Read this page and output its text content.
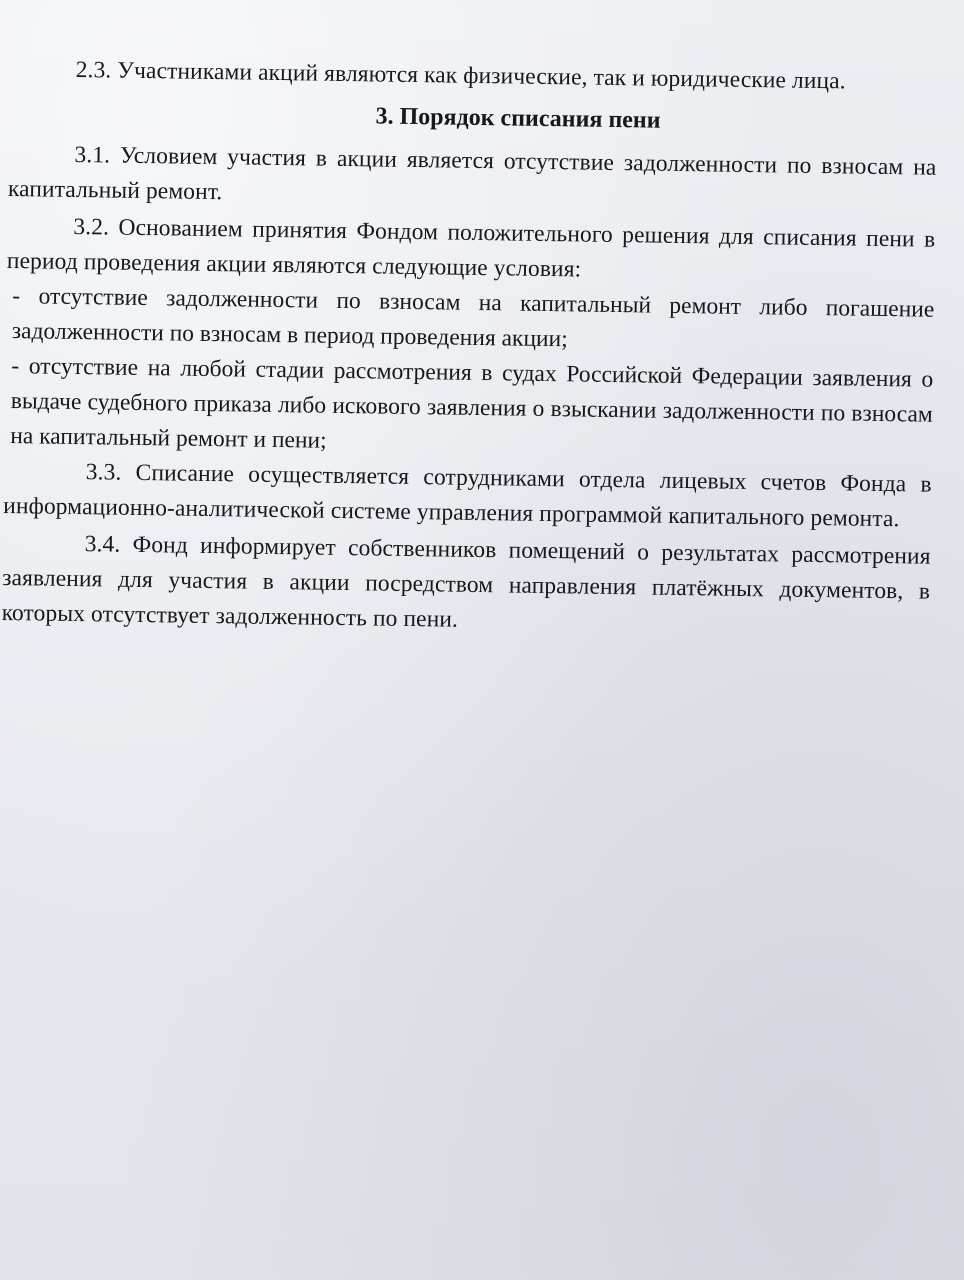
2.3. Участниками акций являются как физические, так и юридические лица.

3. Порядок списания пени

3.1. Условием участия в акции является отсутствие задолженности по взносам на капитальный ремонт.

3.2. Основанием принятия Фондом положительного решения для списания пени в период проведения акции являются следующие условия:

- отсутствие задолженности по взносам на капитальный ремонт либо погашение задолженности по взносам в период проведения акции;

- отсутствие на любой стадии рассмотрения в судах Российской Федерации заявления о выдаче судебного приказа либо искового заявления о взыскании задолженности по взносам на капитальный ремонт и пени;

3.3. Списание осуществляется сотрудниками отдела лицевых счетов Фонда в информационно-аналитической системе управления программой капитального ремонта.

3.4. Фонд информирует собственников помещений о результатах рассмотрения заявления для участия в акции посредством направления платёжных документов, в которых отсутствует задолженность по пени.
